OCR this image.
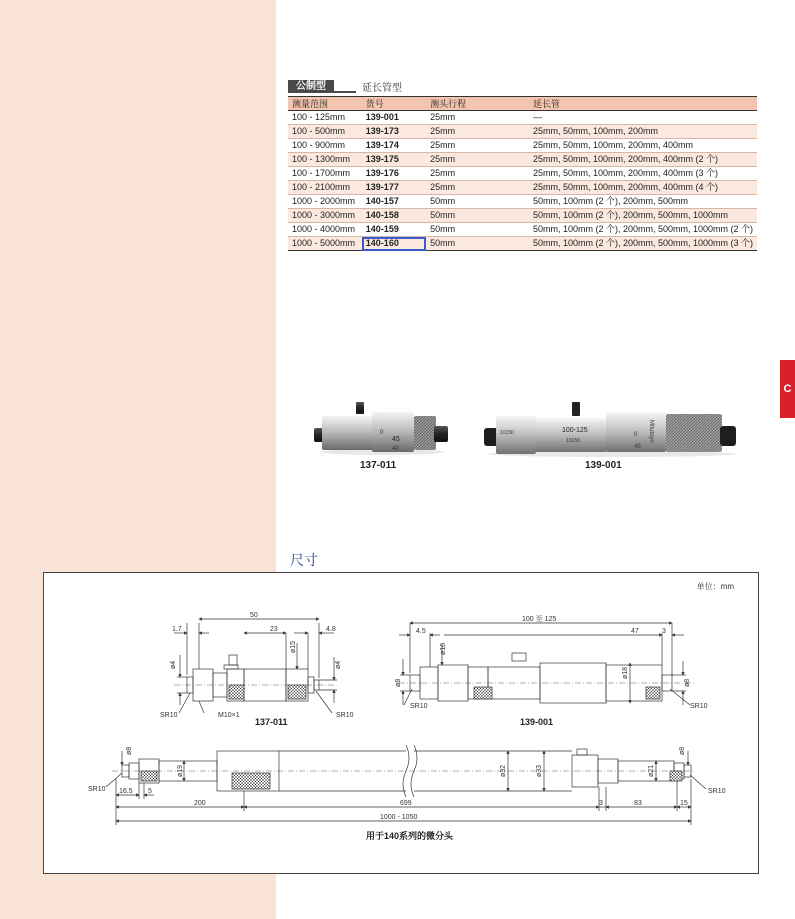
C
公制型	延长管型
测量范围	货号	测头行程	延长管
100 - 125mm	139-001	25mm	—
100 - 500mm	139-173	25mm	25mm, 50mm, 100mm, 200mm
100 - 900mm	139-174	25mm	25mm, 50mm, 100mm, 200mm, 400mm
100 - 1300mm	139-175	25mm	25mm, 50mm, 100mm, 200mm, 400mm (2 个)
100 - 1700mm	139-176	25mm	25mm, 50mm, 100mm, 200mm, 400mm (3 个)
100 - 2100mm	139-177	25mm	25mm, 50mm, 100mm, 200mm, 400mm (4 个)
1000 - 2000mm	140-157	50mm	50mm, 100mm (2 个), 200mm, 500mm
1000 - 3000mm	140-158	50mm	50mm, 100mm (2 个), 200mm, 500mm, 1000mm
1000 - 4000mm	140-159	50mm	50mm, 100mm (2 个), 200mm, 500mm, 1000mm (2 个)
1000 - 5000mm	140-160	50mm	50mm, 100mm (2 个), 200mm, 500mm, 1000mm (3 个)
0
45
40
137-011
10150	100-125
10150
0
45
Mitutoyo
139-001
尺寸
单位：mm
50
1.7	23	4.8
ø15
ø4	ø4
SR10	M10×1	SR10
137-011
100 至 125
4.5	47	3
ø16
ø18
ø8	ø8
SR10	SR10
139-001
ø8
ø19	ø32	ø33	ø21
ø8
SR10	SR10
16.5 5
200	699	3	83	15
1000 - 1050
用于140系列的微分头
